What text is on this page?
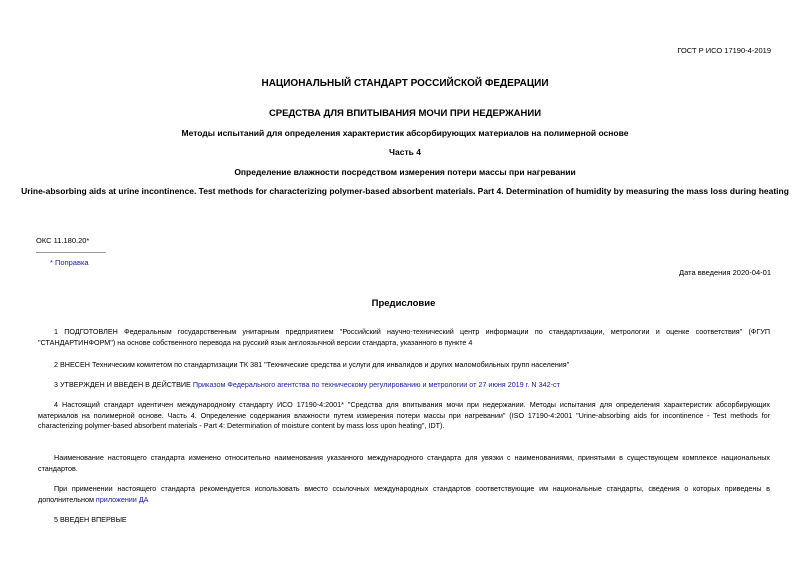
ГОСТ Р ИСО 17190-4-2019
НАЦИОНАЛЬНЫЙ СТАНДАРТ РОССИЙСКОЙ ФЕДЕРАЦИИ
СРЕДСТВА ДЛЯ ВПИТЫВАНИЯ МОЧИ ПРИ НЕДЕРЖАНИИ
Методы испытаний для определения характеристик абсорбирующих материалов на полимерной основе
Часть 4
Определение влажности посредством измерения потери массы при нагревании
Urine-absorbing aids at urine incontinence. Test methods for characterizing polymer-based absorbent materials. Part 4. Determination of humidity by measuring the mass loss during heating
ОКС 11.180.20*
* Поправка
Дата введения 2020-04-01
Предисловие
1 ПОДГОТОВЛЕН Федеральным государственным унитарным предприятием "Российский научно-технический центр информации по стандартизации, метрологии и оценке соответствия" (ФГУП "СТАНДАРТИНФОРМ") на основе собственного перевода на русский язык англоязычной версии стандарта, указанного в пункте 4
2 ВНЕСЕН Техническим комитетом по стандартизации ТК 381 "Технические средства и услуги для инвалидов и других маломобильных групп населения"
3 УТВЕРЖДЕН И ВВЕДЕН В ДЕЙСТВИЕ Приказом Федерального агентства по техническому регулированию и метрологии от 27 июня 2019 г. N 342-ст
4 Настоящий стандарт идентичен международному стандарту ИСО 17190-4:2001* "Средства для впитывания мочи при недержании. Методы испытания для определения характеристик абсорбирующих материалов на полимерной основе. Часть 4. Определение содержания влажности путем измерения потери массы при нагревании" (ISO 17190-4:2001 "Urine-absorbing aids for incontinence - Test methods for characterizing polymer-based absorbent materials - Part 4: Determination of moisture content by mass loss upon heating", IDT).
Наименование настоящего стандарта изменено относительно наименования указанного международного стандарта для увязки с наименованиями, принятыми в существующем комплексе национальных стандартов.
При применении настоящего стандарта рекомендуется использовать вместо ссылочных международных стандартов соответствующие им национальные стандарты, сведения о которых приведены в дополнительном приложении ДА
5 ВВЕДЕН ВПЕРВЫЕ
